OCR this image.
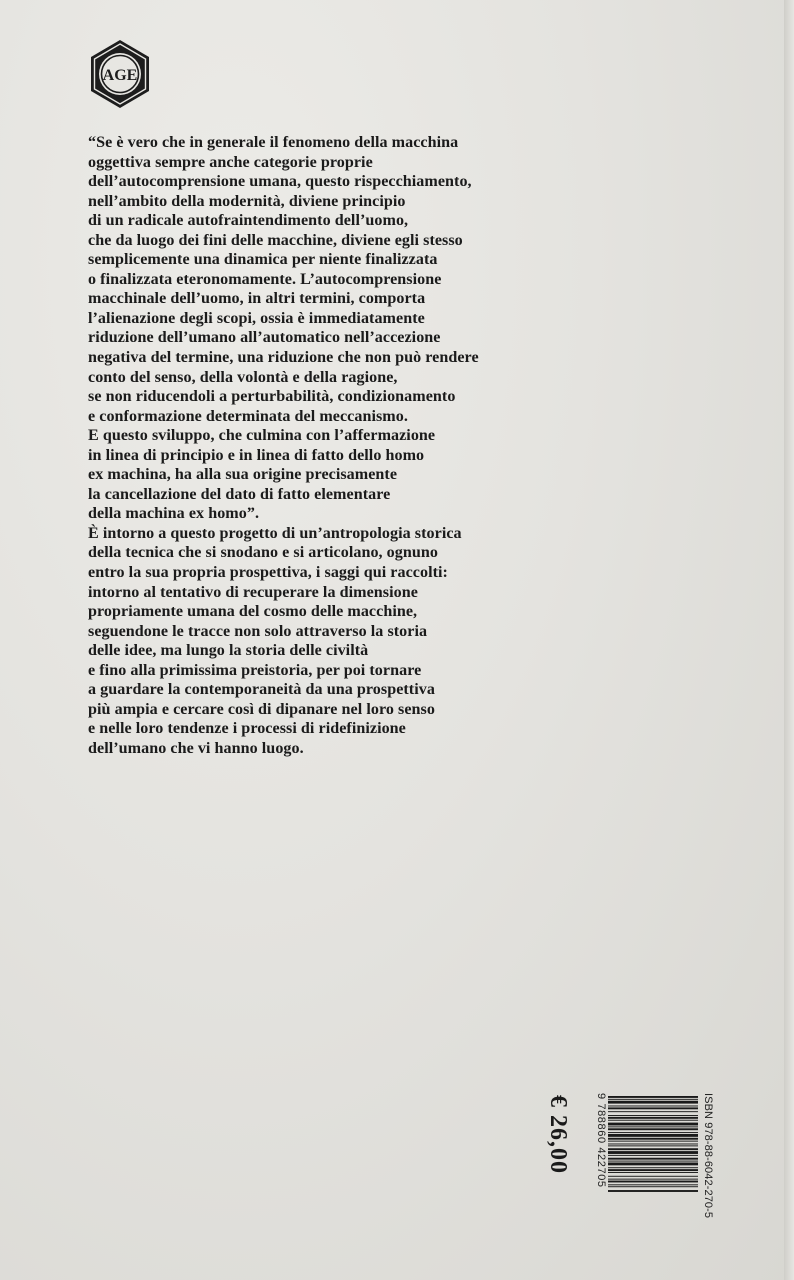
AGE

“Se è vero che in generale il fenomeno della macchina
oggettiva sempre anche categorie proprie
dell’autocomprensione umana, questo rispecchiamento,
nell’ambito della modernità, diviene principio
di un radicale autofraintendimento dell’uomo,
che da luogo dei fini delle macchine, diviene egli stesso
semplicemente una dinamica per niente finalizzata
o finalizzata eteronomamente. L’autocomprensione
macchinale dell’uomo, in altri termini, comporta
l’alienazione degli scopi, ossia è immediatamente
riduzione dell’umano all’automatico nell’accezione
negativa del termine, una riduzione che non può rendere
conto del senso, della volontà e della ragione,
se non riducendoli a perturbabilità, condizionamento
e conformazione determinata del meccanismo.
E questo sviluppo, che culmina con l’affermazione
in linea di principio e in linea di fatto dello homo
ex machina, ha alla sua origine precisamente
la cancellazione del dato di fatto elementare
della machina ex homo”.
È intorno a questo progetto di un’antropologia storica
della tecnica che si snodano e si articolano, ognuno
entro la sua propria prospettiva, i saggi qui raccolti:
intorno al tentativo di recuperare la dimensione
propriamente umana del cosmo delle macchine,
seguendone le tracce non solo attraverso la storia
delle idee, ma lungo la storia delle civiltà
e fino alla primissima preistoria, per poi tornare
a guardare la contemporaneità da una prospettiva
più ampia e cercare così di dipanare nel loro senso
e nelle loro tendenze i processi di ridefinizione
dell’umano che vi hanno luogo.

€ 26,00	ISBN 978-88-6042-270-5
9 788860 422705
